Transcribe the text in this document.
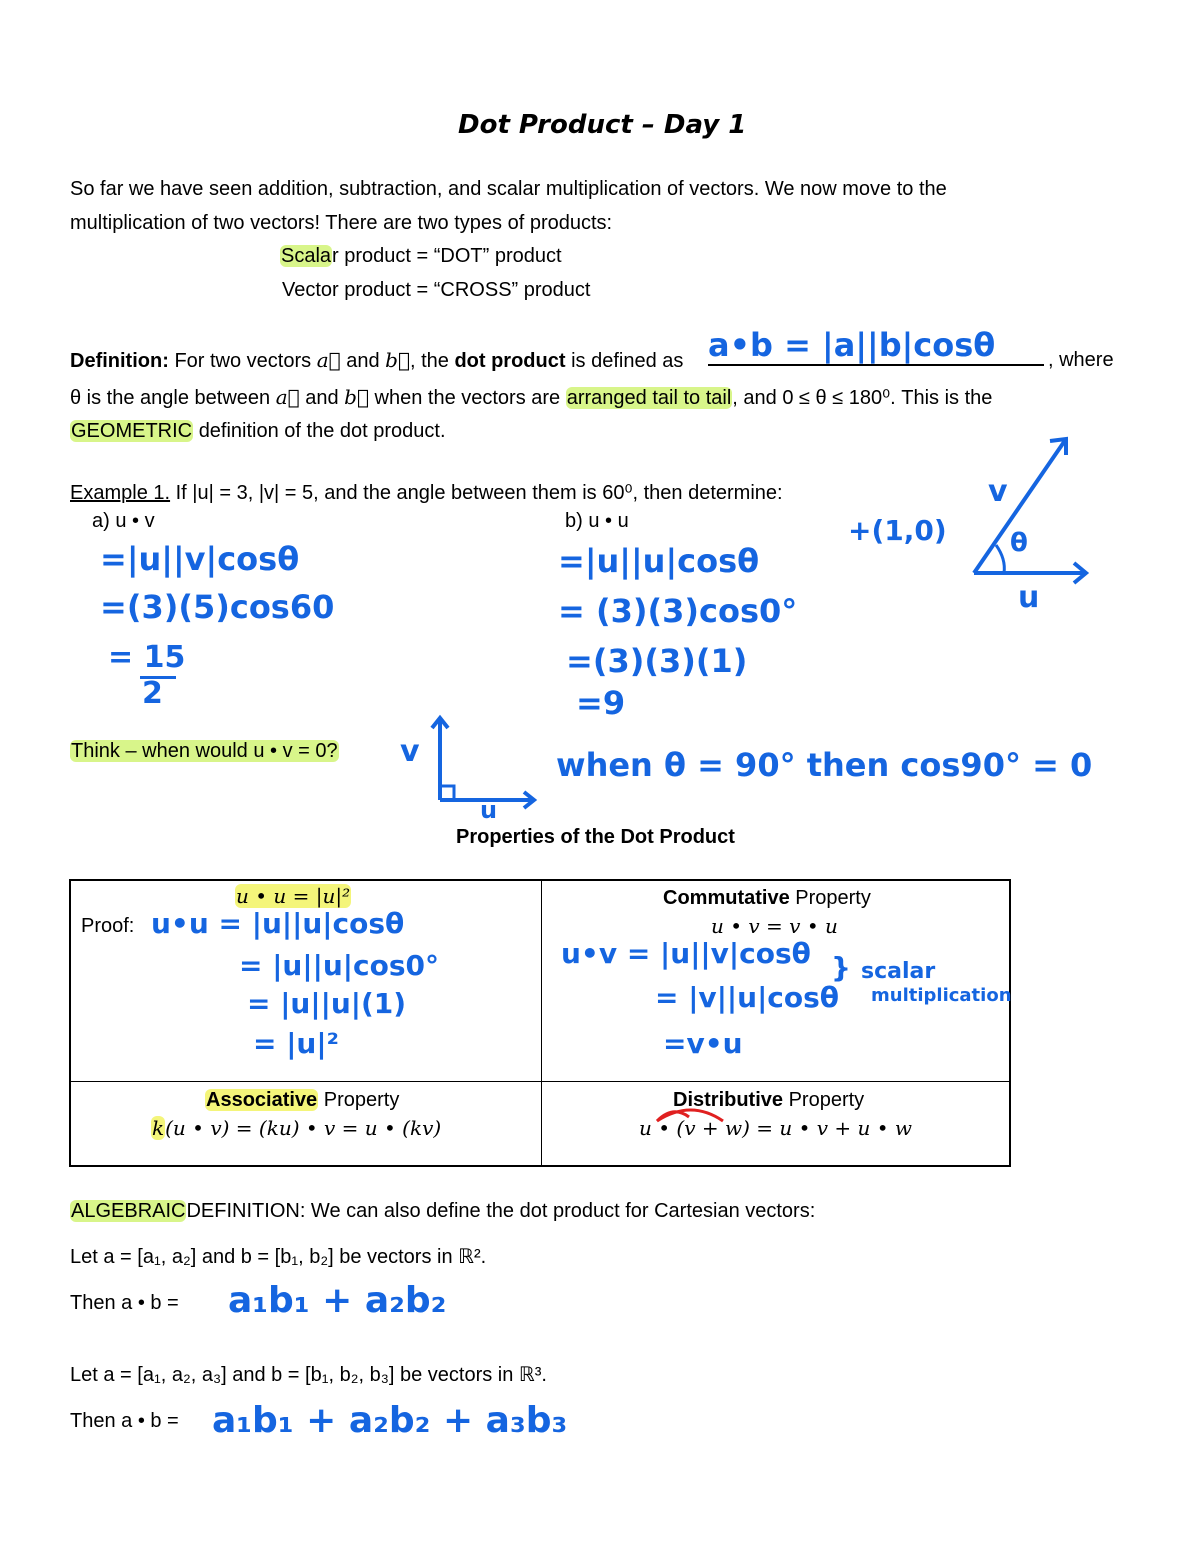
Dot Product – Day 1
So far we have seen addition, subtraction, and scalar multiplication of vectors. We now move to the
multiplication of two vectors! There are two types of products:
Scalar product = “DOT” product
Vector product = “CROSS” product
Definition: For two vectors a⃗ and b⃗, the dot product is defined as a•b = |a||b|cosθ	, where
θ is the angle between a⃗ and b⃗ when the vectors are arranged tail to tail, and 0 ≤ θ ≤ 180⁰. This is the
GEOMETRIC definition of the dot product.
Example 1. If |u| = 3, |v| = 5, and the angle between them is 60⁰, then determine:
a) u • v	b) u • u
=|u||v|cosθ
=(3)(5)cos60
= 15
2
=|u||u|cosθ
= (3)(3)cos0°
=(3)(3)(1)
=9
+(1,0)
v
θ
u
Think – when would u • v = 0? v
u
when θ = 90° then cos90° = 0
Properties of the Dot Product
u • u = |u|²
Proof: u•u = |u||u|cosθ
= |u||u|cos0°
= |u||u|(1)
= |u|²
Commutative Property
u • v = v • u
u•v = |u||v|cosθ
= |v||u|cosθ
=v•u
} scalar
multiplication
Associative Property
k(u • v) = (ku) • v = u • (kv)
Distributive Property
u • (v + w) = u • v + u • w
ALGEBRAICDEFINITION: We can also define the dot product for Cartesian vectors:
Let a = [a₁, a₂] and b = [b₁, b₂] be vectors in ℝ².
Then a • b = a₁b₁ + a₂b₂
Let a = [a₁, a₂, a₃] and b = [b₁, b₂, b₃] be vectors in ℝ³.
Then a • b = a₁b₁ + a₂b₂ + a₃b₃
